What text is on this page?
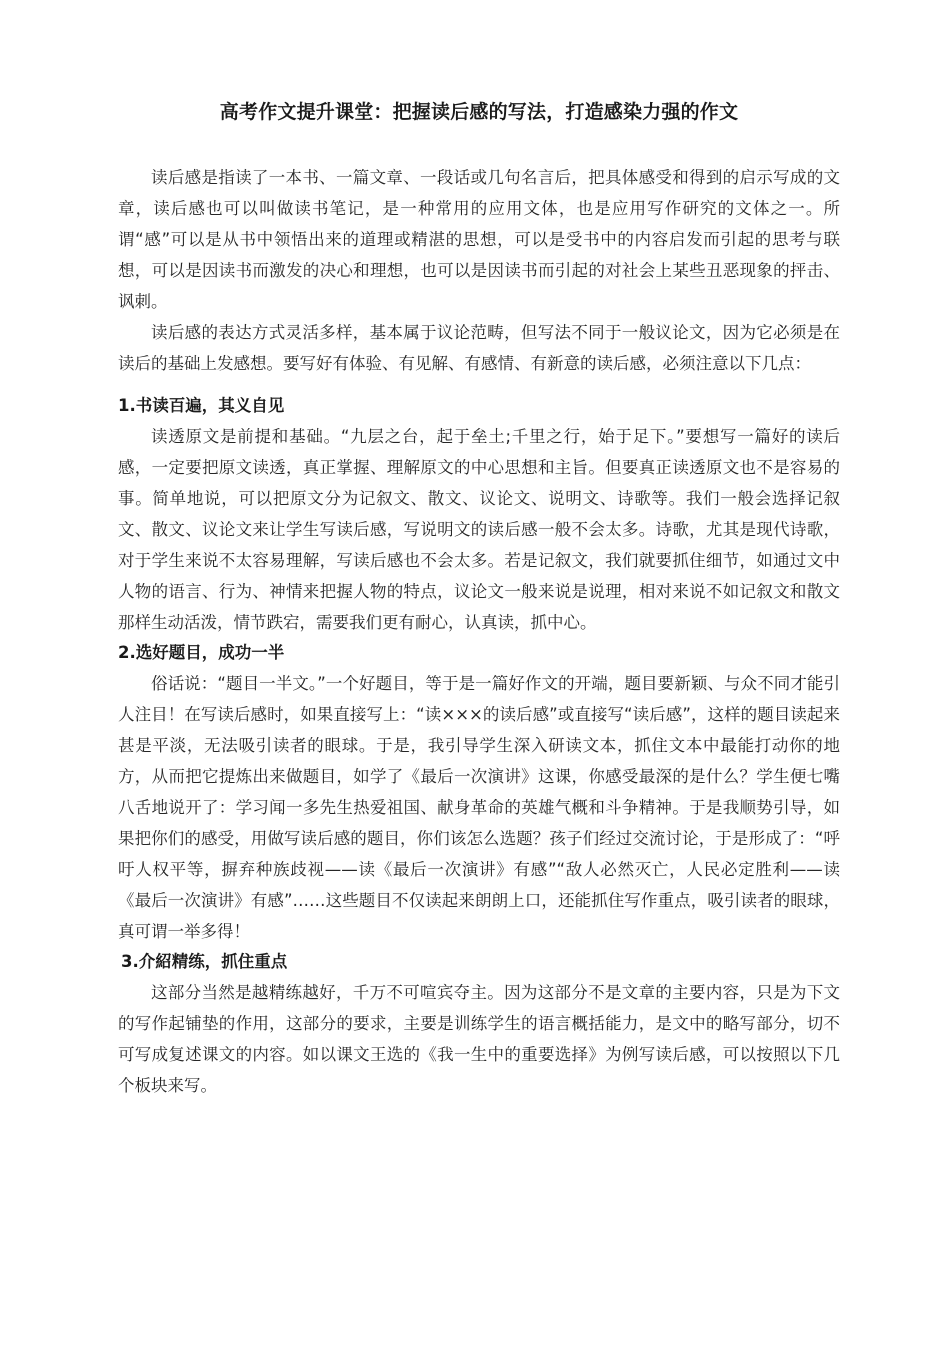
高考作文提升课堂：把握读后感的写法，打造感染力强的作文

读后感是指读了一本书、一篇文章、一段话或几句名言后，把具体感受和得到的启示写成的文章，读后感也可以叫做读书笔记，是一种常用的应用文体，也是应用写作研究的文体之一。所谓“感”可以是从书中领悟出来的道理或精湛的思想，可以是受书中的内容启发而引起的思考与联想，可以是因读书而激发的决心和理想，也可以是因读书而引起的对社会上某些丑恶现象的抨击、讽刺。

读后感的表达方式灵活多样，基本属于议论范畴，但写法不同于一般议论文，因为它必须是在读后的基础上发感想。要写好有体验、有见解、有感情、有新意的读后感，必须注意以下几点：

1.书读百遍，其义自见

读透原文是前提和基础。“九层之台，起于垒土;千里之行，始于足下。”要想写一篇好的读后感，一定要把原文读透，真正掌握、理解原文的中心思想和主旨。但要真正读透原文也不是容易的事。简单地说，可以把原文分为记叙文、散文、议论文、说明文、诗歌等。我们一般会选择记叙文、散文、议论文来让学生写读后感，写说明文的读后感一般不会太多。诗歌，尤其是现代诗歌，对于学生来说不太容易理解，写读后感也不会太多。若是记叙文，我们就要抓住细节，如通过文中人物的语言、行为、神情来把握人物的特点，议论文一般来说是说理，相对来说不如记叙文和散文那样生动活泼，情节跌宕，需要我们更有耐心，认真读，抓中心。

2.选好题目，成功一半

俗话说：“题目一半文。”一个好题目，等于是一篇好作文的开端，题目要新颖、与众不同才能引人注目！在写读后感时，如果直接写上：“读×××的读后感”或直接写“读后感”，这样的题目读起来甚是平淡，无法吸引读者的眼球。于是，我引导学生深入研读文本，抓住文本中最能打动你的地方，从而把它提炼出来做题目，如学了《最后一次演讲》这课，你感受最深的是什么？学生便七嘴八舌地说开了：学习闻一多先生热爱祖国、献身革命的英雄气概和斗争精神。于是我顺势引导，如果把你们的感受，用做写读后感的题目，你们该怎么选题？孩子们经过交流讨论，于是形成了：“呼吁人权平等，摒弃种族歧视——读《最后一次演讲》有感”“敌人必然灭亡，人民必定胜利——读《最后一次演讲》有感”……这些题目不仅读起来朗朗上口，还能抓住写作重点，吸引读者的眼球，真可谓一举多得！

3.介紹精练，抓住重点

这部分当然是越精练越好，千万不可喧宾夺主。因为这部分不是文章的主要内容，只是为下文的写作起铺垫的作用，这部分的要求，主要是训练学生的语言概括能力，是文中的略写部分，切不可写成复述课文的内容。如以课文王选的《我一生中的重要选择》为例写读后感，可以按照以下几个板块来写。
